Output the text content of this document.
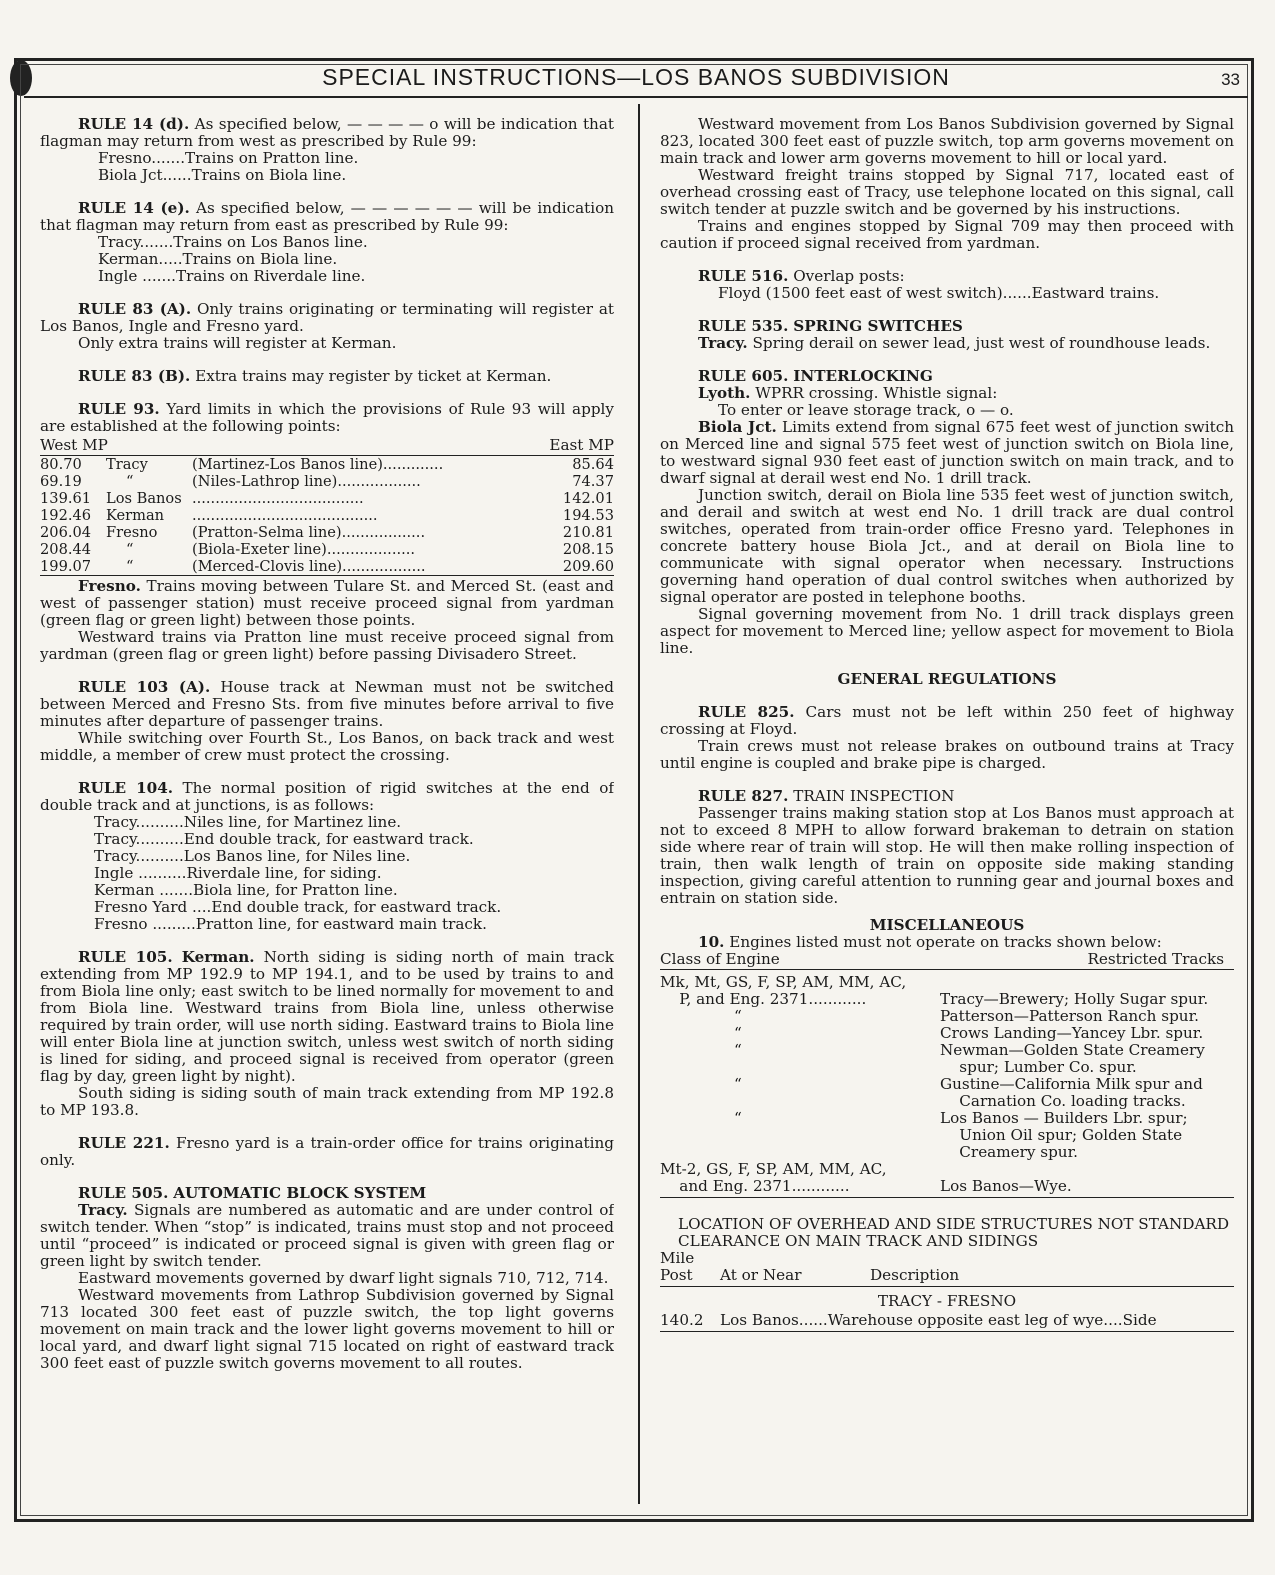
SPECIAL INSTRUCTIONS—LOS BANOS SUBDIVISION	33

RULE 14 (d). As specified below, — — — — o will be indication that flagman may return from west as prescribed by Rule 99:

Fresno.......Trains on Pratton line.
Biola Jct......Trains on Biola line.

RULE 14 (e). As specified below, — — — — — — will be indication that flagman may return from east as prescribed by Rule 99:

Tracy.......Trains on Los Banos line.
Kerman.....Trains on Biola line.
Ingle .......Trains on Riverdale line.

RULE 83 (A). Only trains originating or terminating will register at Los Banos, Ingle and Fresno yard.

Only extra trains will register at Kerman.

RULE 83 (B). Extra trains may register by ticket at Kerman.

RULE 93. Yard limits in which the provisions of Rule 93 will apply are established at the following points:

West MP	East MP
80.70	Tracy	(Martinez-Los Banos line).............	85.64
69.19	“	(Niles-Lathrop line)..................	74.37
139.61	Los Banos .....................................	142.01
192.46	Kerman	........................................	194.53
206.04	Fresno	(Pratton-Selma line)..................	210.81
208.44	“	(Biola-Exeter line)...................	208.15
199.07	“	(Merced-Clovis line)..................	209.60

Fresno. Trains moving between Tulare St. and Merced St. (east and west of passenger station) must receive proceed signal from yardman (green flag or green light) between those points.

Westward trains via Pratton line must receive proceed signal from yardman (green flag or green light) before passing Divisadero Street.

RULE 103 (A). House track at Newman must not be switched between Merced and Fresno Sts. from five minutes before arrival to five minutes after departure of passenger trains.

While switching over Fourth St., Los Banos, on back track and west middle, a member of crew must protect the crossing.

RULE 104. The normal position of rigid switches at the end of double track and at junctions, is as follows:

Tracy..........Niles line, for Martinez line.
Tracy..........End double track, for eastward track.
Tracy..........Los Banos line, for Niles line.
Ingle ..........Riverdale line, for siding.
Kerman .......Biola line, for Pratton line.
Fresno Yard ....End double track, for eastward track.
Fresno .........Pratton line, for eastward main track.

RULE 105. Kerman. North siding is siding north of main track extending from MP 192.9 to MP 194.1, and to be used by trains to and from Biola line only; east switch to be lined normally for movement to and from Biola line. Westward trains from Biola line, unless otherwise required by train order, will use north siding. Eastward trains to Biola line will enter Biola line at junction switch, unless west switch of north siding is lined for siding, and proceed signal is received from operator (green flag by day, green light by night).

South siding is siding south of main track extending from MP 192.8 to MP 193.8.

RULE 221. Fresno yard is a train-order office for trains originating only.

RULE 505. AUTOMATIC BLOCK SYSTEM

Tracy. Signals are numbered as automatic and are under control of switch tender. When “stop” is indicated, trains must stop and not proceed until “proceed” is indicated or proceed signal is given with green flag or green light by switch tender.

Eastward movements governed by dwarf light signals 710, 712, 714.

Westward movements from Lathrop Subdivision governed by Signal 713 located 300 feet east of puzzle switch, the top light governs movement on main track and the lower light governs movement to hill or local yard, and dwarf light signal 715 located on right of eastward track 300 feet east of puzzle switch governs movement to all routes.

Westward movement from Los Banos Subdivision governed by Signal 823, located 300 feet east of puzzle switch, top arm governs movement on main track and lower arm governs movement to hill or local yard.

Westward freight trains stopped by Signal 717, located east of overhead crossing east of Tracy, use telephone located on this signal, call switch tender at puzzle switch and be governed by his instructions.

Trains and engines stopped by Signal 709 may then proceed with caution if proceed signal received from yardman.

RULE 516. Overlap posts:

Floyd (1500 feet east of west switch)......Eastward trains.

RULE 535. SPRING SWITCHES

Tracy. Spring derail on sewer lead, just west of roundhouse leads.

RULE 605. INTERLOCKING

Lyoth. WPRR crossing. Whistle signal:

To enter or leave storage track, o — o.

Biola Jct. Limits extend from signal 675 feet west of junction switch on Merced line and signal 575 feet west of junction switch on Biola line, to westward signal 930 feet east of junction switch on main track, and to dwarf signal at derail west end No. 1 drill track.

Junction switch, derail on Biola line 535 feet west of junction switch, and derail and switch at west end No. 1 drill track are dual control switches, operated from train-order office Fresno yard. Telephones in concrete battery house Biola Jct., and at derail on Biola line to communicate with signal operator when necessary. Instructions governing hand operation of dual control switches when authorized by signal operator are posted in telephone booths.

Signal governing movement from No. 1 drill track displays green aspect for movement to Merced line; yellow aspect for movement to Biola line.

GENERAL REGULATIONS

RULE 825. Cars must not be left within 250 feet of highway crossing at Floyd.

Train crews must not release brakes on outbound trains at Tracy until engine is coupled and brake pipe is charged.

RULE 827. TRAIN INSPECTION

Passenger trains making station stop at Los Banos must approach at not to exceed 8 MPH to allow forward brakeman to detrain on station side where rear of train will stop. He will then make rolling inspection of train, then walk length of train on opposite side making standing inspection, giving careful attention to running gear and journal boxes and entrain on station side.

MISCELLANEOUS

10. Engines listed must not operate on tracks shown below:

Class of Engine	Restricted Tracks
Mk, Mt, GS, F, SP, AM, MM, AC,
P, and Eng. 2371............	Tracy—Brewery; Holly Sugar spur.
“	Patterson—Patterson Ranch spur.
“	Crows Landing—Yancey Lbr. spur.
“	Newman—Golden State Creamery
spur; Lumber Co. spur.
“	Gustine—California Milk spur and
Carnation Co. loading tracks.
“	Los Banos — Builders Lbr. spur;
Union Oil spur; Golden State
Creamery spur.
Mt-2, GS, F, SP, AM, MM, AC,
and Eng. 2371............	Los Banos—Wye.

LOCATION OF OVERHEAD AND SIDE STRUCTURES NOT STANDARD CLEARANCE ON MAIN TRACK AND SIDINGS

Mile
Post	At or Near	Description
TRACY - FRESNO
140.2	Los Banos......Warehouse opposite east leg of wye....Side
